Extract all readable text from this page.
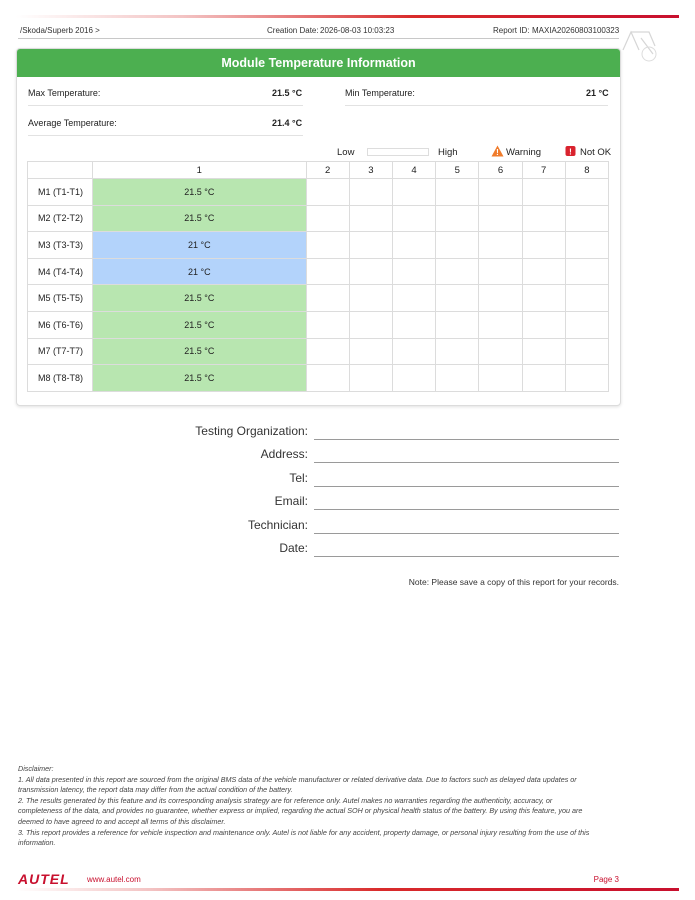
/Skoda/Superb 2016 >	Creation Date: 2026-08-03 10:03:23	Report ID: MAXIA20260803100323
Module Temperature Information
Max Temperature:	21.5 °C	Min Temperature:	21 °C
Average Temperature:	21.4 °C
Low	High	! Warning	! Not OK
	1	2	3	4	5	6	7	8
M1 (T1-T1)	21.5 °C							
M2 (T2-T2)	21.5 °C							
M3 (T3-T3)	21 °C							
M4 (T4-T4)	21 °C							
M5 (T5-T5)	21.5 °C							
M6 (T6-T6)	21.5 °C							
M7 (T7-T7)	21.5 °C							
M8 (T8-T8)	21.5 °C							
Testing Organization:
Address:
Tel:
Email:
Technician:
Date:
Note: Please save a copy of this report for your records.
Disclaimer:
1. All data presented in this report are sourced from the original BMS data of the vehicle manufacturer or related derivative data. Due to factors such as delayed data updates or transmission latency, the report data may differ from the actual condition of the battery.
2. The results generated by this feature and its corresponding analysis strategy are for reference only. Autel makes no warranties regarding the authenticity, accuracy, or completeness of the data, and provides no guarantee, whether express or implied, regarding the actual SOH or physical health status of the battery. By using this feature, you are deemed to have agreed to and accept all terms of this disclaimer.
3. This report provides a reference for vehicle inspection and maintenance only. Autel is not liable for any accident, property damage, or personal injury resulting from the use of this information.
AUTEL www.autel.com	Page 3
